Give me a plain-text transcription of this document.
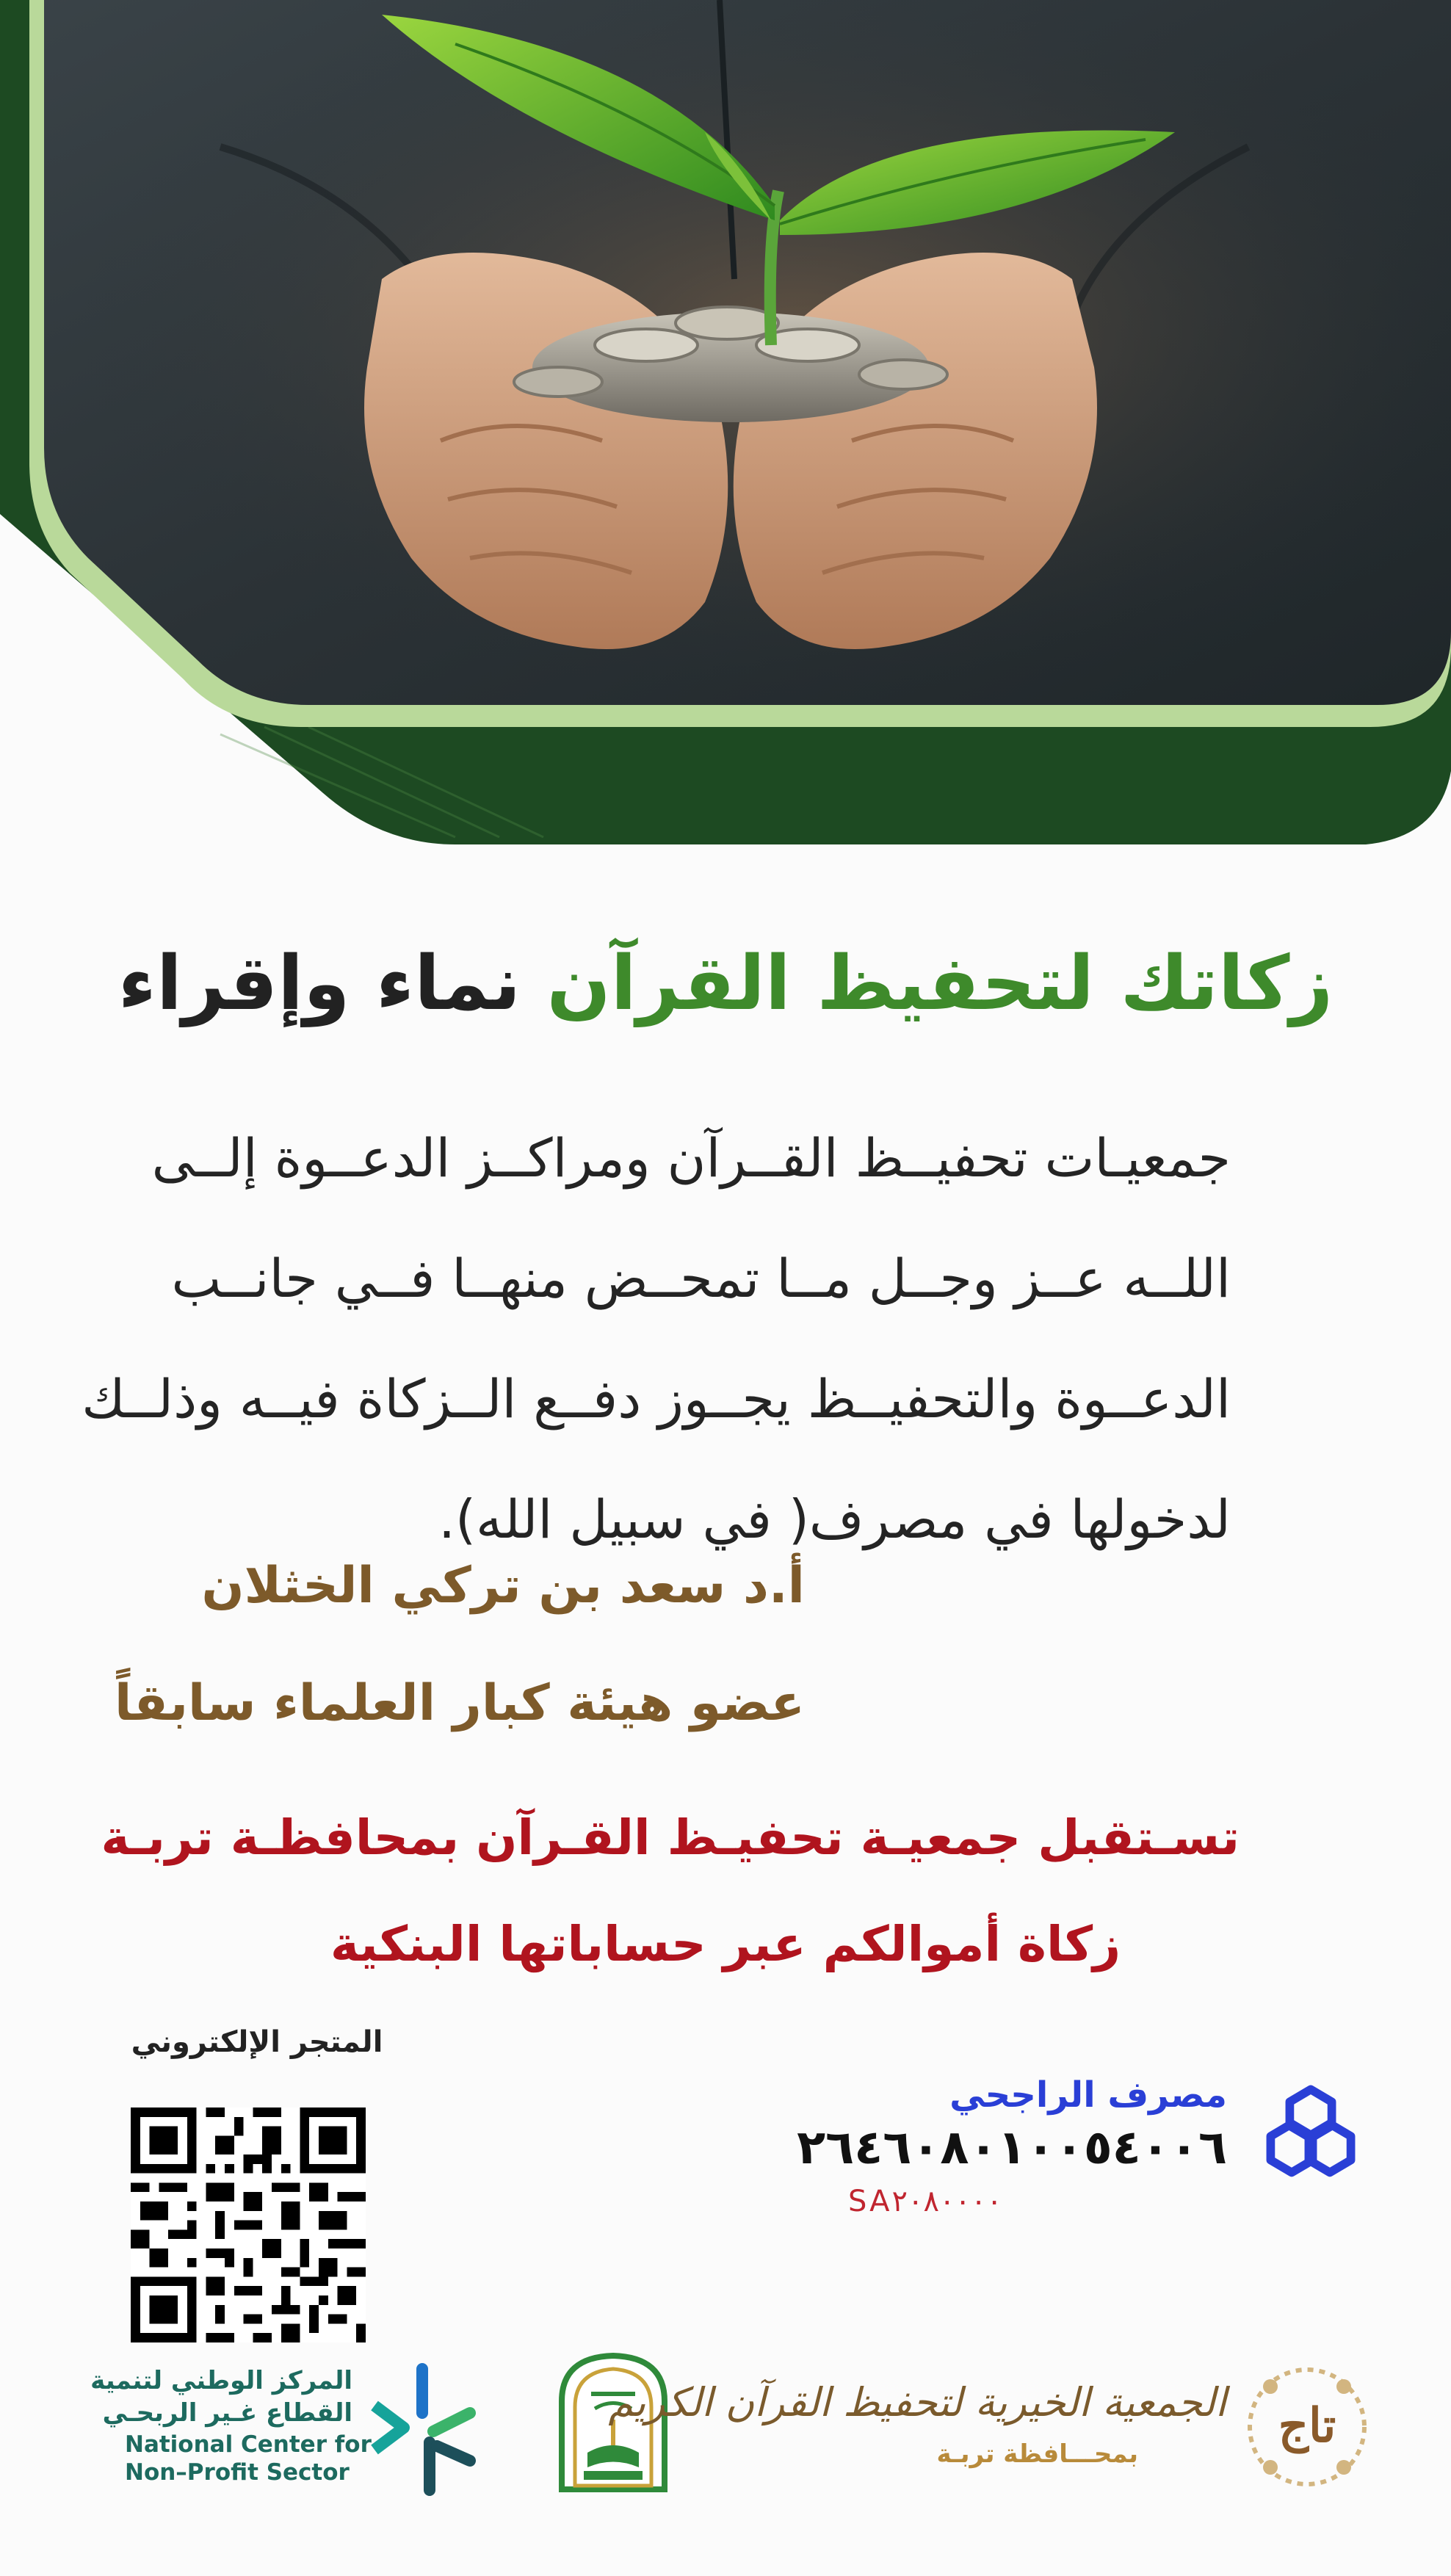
زكاتك لتحفيظ القرآن نماء وإقراء
جمعيـات تحفيــظ القــرآن ومراكــز الدعــوة إلــى
اللــه عــز وجــل مــا تمحــض منهــا فــي جانــب
الدعــوة والتحفيــظ يجــوز دفــع الــزكاة فيــه وذلــك
لدخولها في مصرف( في سبيل الله).
أ.د سعد بن تركي الخثلان
عضو هيئة كبار العلماء سابقاً
تسـتقبل جمعيـة تحفيـظ القـرآن بمحافظـة تربـة
زكاة أموالكم عبر حساباتها البنكية
المتجر الإلكتروني
مصرف الراجحي
٢٦٤٦٠٨٠١٠٠٥٤٠٠٦
SA٢٠٨٠٠٠٠
المركز الوطني لتنمية
القطاع غـير الربحـي
National Center for
Non–Profit Sector
الجمعية الخيرية لتحفيظ القرآن الكريم
بمحـــافظة تربـة
تاج
